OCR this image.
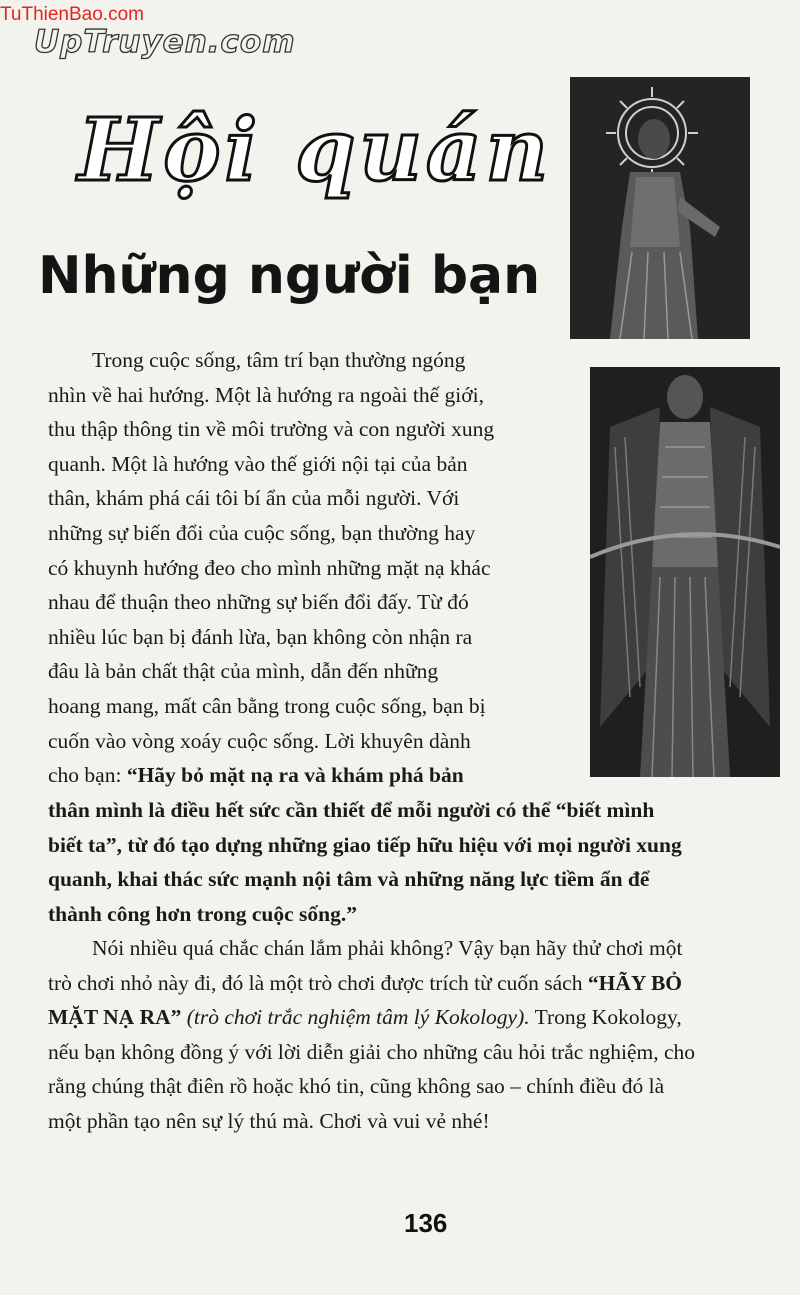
TuThienBao.com
UpTruyen.com
Hội quán
Những người bạn
Trong cuộc sống, tâm trí bạn thường ngóng
nhìn về hai hướng. Một là hướng ra ngoài thế giới,
thu thập thông tin về môi trường và con người xung
quanh. Một là hướng vào thế giới nội tại của bản
thân, khám phá cái tôi bí ẩn của mỗi người. Với
những sự biến đổi của cuộc sống, bạn thường hay
có khuynh hướng đeo cho mình những mặt nạ khác
nhau để thuận theo những sự biến đổi đấy. Từ đó
nhiều lúc bạn bị đánh lừa, bạn không còn nhận ra
đâu là bản chất thật của mình, dẫn đến những
hoang mang, mất cân bằng trong cuộc sống, bạn bị
cuốn vào vòng xoáy cuộc sống. Lời khuyên dành
cho bạn: “Hãy bỏ mặt nạ ra và khám phá bản
thân mình là điều hết sức cần thiết để mỗi người có thể “biết mình
biết ta”, từ đó tạo dựng những giao tiếp hữu hiệu với mọi người xung
quanh, khai thác sức mạnh nội tâm và những năng lực tiềm ẩn để
thành công hơn trong cuộc sống.”
Nói nhiều quá chắc chán lắm phải không? Vậy bạn hãy thử chơi một
trò chơi nhỏ này đi, đó là một trò chơi được trích từ cuốn sách “HÃY BỎ
MẶT NẠ RA” (trò chơi trắc nghiệm tâm lý Kokology). Trong Kokology,
nếu bạn không đồng ý với lời diễn giải cho những câu hỏi trắc nghiệm, cho
rằng chúng thật điên rồ hoặc khó tin, cũng không sao – chính điều đó là
một phần tạo nên sự lý thú mà. Chơi và vui vẻ nhé!
136
